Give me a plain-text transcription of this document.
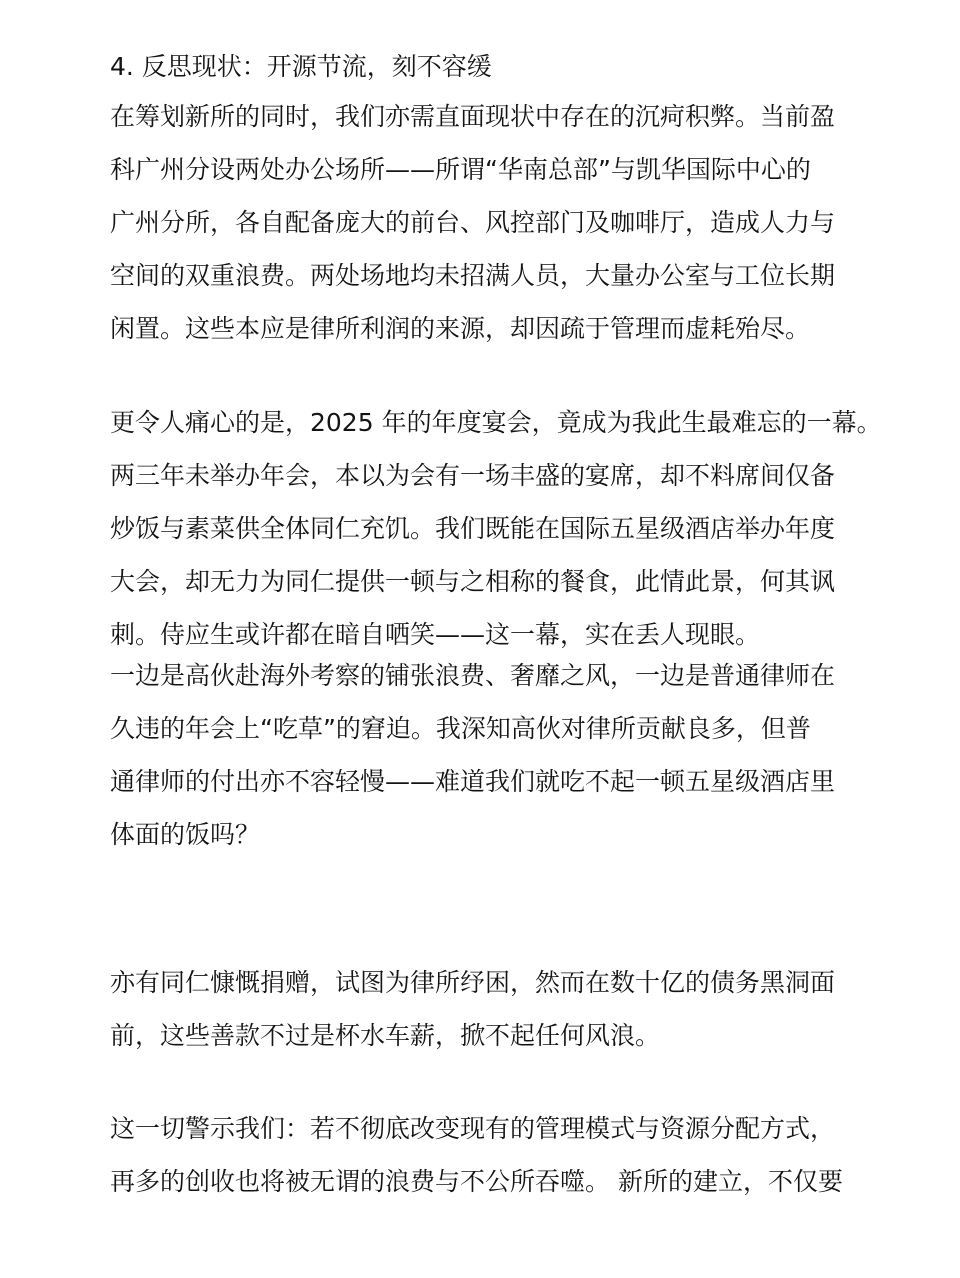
4. 反思现状：开源节流，刻不容缓
在筹划新所的同时，我们亦需直面现状中存在的沉疴积弊。当前盈
科广州分设两处办公场所——所谓“华南总部”与凯华国际中心的
广州分所，各自配备庞大的前台、风控部门及咖啡厅，造成人力与
空间的双重浪费。两处场地均未招满人员，大量办公室与工位长期
闲置。这些本应是律所利润的来源，却因疏于管理而虚耗殆尽。
更令人痛心的是，2025 年的年度宴会，竟成为我此生最难忘的一幕。
两三年未举办年会，本以为会有一场丰盛的宴席，却不料席间仅备
炒饭与素菜供全体同仁充饥。我们既能在国际五星级酒店举办年度
大会，却无力为同仁提供一顿与之相称的餐食，此情此景，何其讽
刺。侍应生或许都在暗自哂笑——这一幕，实在丢人现眼。
一边是高伙赴海外考察的铺张浪费、奢靡之风，一边是普通律师在
久违的年会上“吃草”的窘迫。我深知高伙对律所贡献良多，但普
通律师的付出亦不容轻慢——难道我们就吃不起一顿五星级酒店里
体面的饭吗？
亦有同仁慷慨捐赠，试图为律所纾困，然而在数十亿的债务黑洞面
前，这些善款不过是杯水车薪，掀不起任何风浪。
这一切警示我们：若不彻底改变现有的管理模式与资源分配方式，
再多的创收也将被无谓的浪费与不公所吞噬。 新所的建立，不仅要
